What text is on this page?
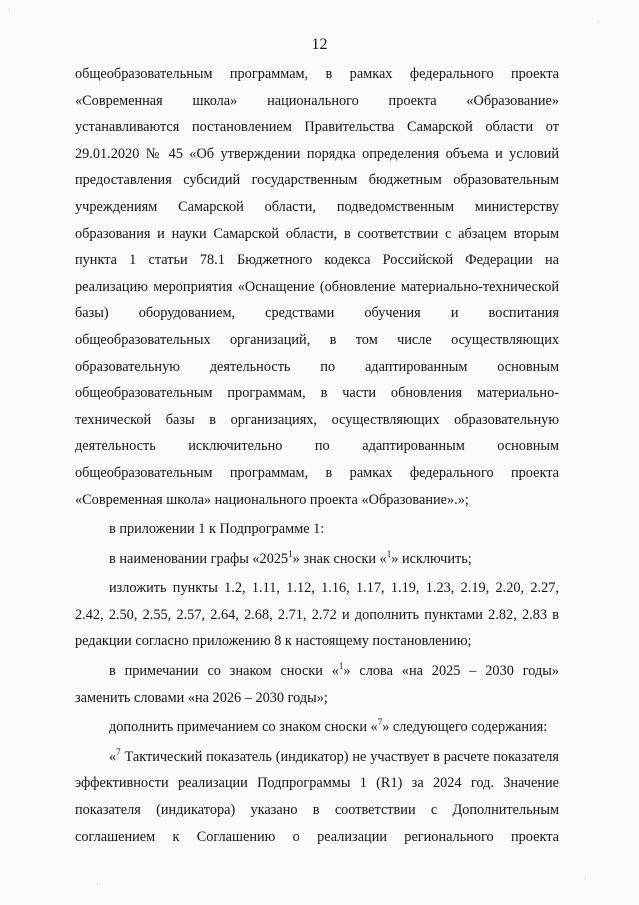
12

общеобразовательным программам, в рамках федерального проекта «Современная школа» национального проекта «Образование» устанавливаются постановлением Правительства Самарской области от 29.01.2020 № 45 «Об утверждении порядка определения объема и условий предоставления субсидий государственным бюджетным образовательным учреждениям Самарской области, подведомственным министерству образования и науки Самарской области, в соответствии с абзацем вторым пункта 1 статьи 78.1 Бюджетного кодекса Российской Федерации на реализацию мероприятия «Оснащение (обновление материально-технической базы) оборудованием, средствами обучения и воспитания общеобразовательных организаций, в том числе осуществляющих образовательную деятельность по адаптированным основным общеобразовательным программам, в части обновления материально-технической базы в организациях, осуществляющих образовательную деятельность исключительно по адаптированным основным общеобразовательным программам, в рамках федерального проекта «Современная школа» национального проекта «Образование».»;

в приложении 1 к Подпрограмме 1:

в наименовании графы «2025$^1$» знак сноски «$^1$» исключить;

изложить пункты 1.2, 1.11, 1.12, 1.16, 1.17, 1.19, 1.23, 2.19, 2.20, 2.27, 2.42, 2.50, 2.55, 2.57, 2.64, 2.68, 2.71, 2.72 и дополнить пунктами 2.82, 2.83 в редакции согласно приложению 8 к настоящему постановлению;

в примечании со знаком сноски «$^1$» слова «на 2025 – 2030 годы» заменить словами «на 2026 – 2030 годы»;

дополнить примечанием со знаком сноски «$^7$» следующего содержания:

«$^7$ Тактический показатель (индикатор) не участвует в расчете показателя эффективности реализации Подпрограммы 1 (R1) за 2024 год. Значение показателя (индикатора) указано в соответствии с Дополнительным соглашением к Соглашению о реализации регионального проекта

·
·
·
·
